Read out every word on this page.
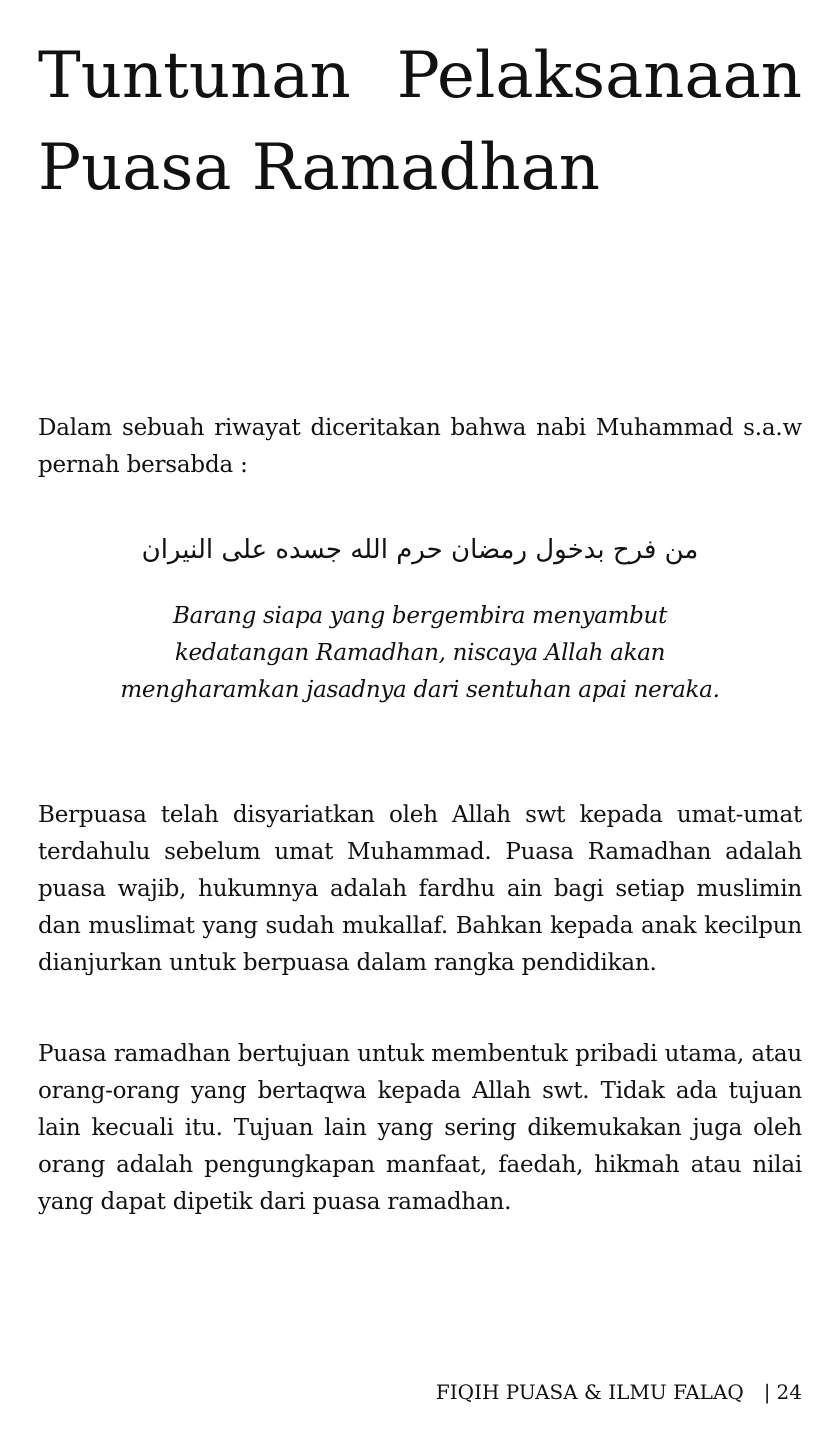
Tuntunan Pelaksanaan
Puasa Ramadhan

Dalam sebuah riwayat diceritakan bahwa nabi Muhammad s.a.w pernah bersabda :

من فرح بدخول رمضان حرم الله جسده على النيران

Barang siapa yang bergembira menyambut kedatangan Ramadhan, niscaya Allah akan mengharamkan jasadnya dari sentuhan apai neraka.

Berpuasa telah disyariatkan oleh Allah swt kepada umat-umat terdahulu sebelum umat Muhammad. Puasa Ramadhan adalah puasa wajib, hukumnya adalah fardhu ain bagi setiap muslimin dan muslimat yang sudah mukallaf. Bahkan kepada anak kecilpun dianjurkan untuk berpuasa dalam rangka pendidikan.

Puasa ramadhan bertujuan untuk membentuk pribadi utama, atau orang-orang yang bertaqwa kepada Allah swt. Tidak ada tujuan lain kecuali itu. Tujuan lain yang sering dikemukakan juga oleh orang adalah pengungkapan manfaat, faedah, hikmah atau nilai yang dapat dipetik dari puasa ramadhan.

FIQIH PUASA & ILMU FALAQ | 24
